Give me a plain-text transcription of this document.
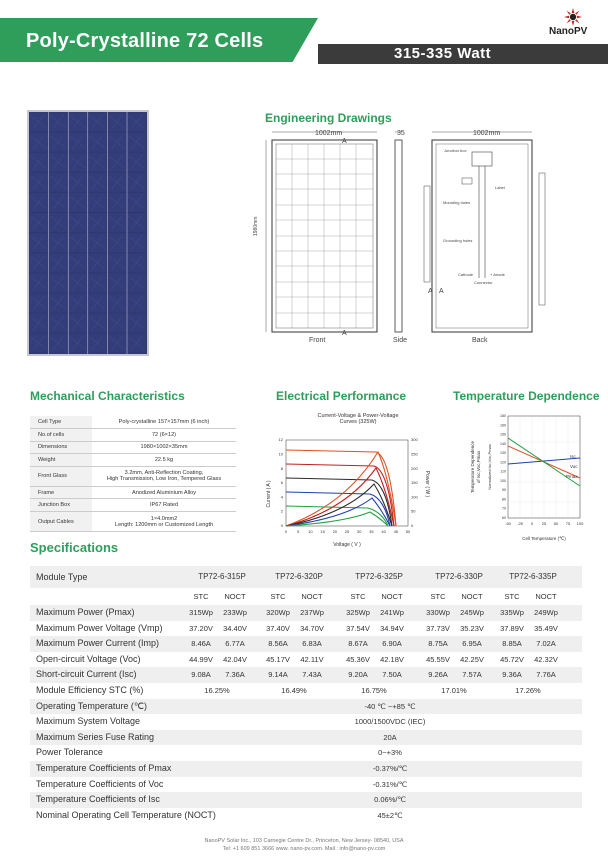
Poly-Crystalline 72 Cells
315-335 Watt
NanoPV
Engineering Drawings
1002mm
A
A
35	1002mm
1980mm
Junction box
Label
Mounting holes
Grounding holes
Cathode	+ Anode
Connector
A A
Front	Side	Back
Mechanical Characteristics	Electrical Performance	Temperature Dependence
Cell Type	Poly-crystalline 157×157mm (6 inch)
No.of cells	72 (6×12)
Dimensions	1980×1002×35mm
Weight	22.5 kg
Front Glass	3.2mm, Anti-Reflection Coating,
High Transmission, Low Iron, Tempered Glass

Frame	Anodized Aluminium Alloy
Junction Box	IP67 Rated
Output Cables	1×4.0mm2
Length: 1200mm or Customized Length
Current-Voltage & Power-Voltage
Curves (325W)
Current ( A )	Power ( W )
Voltage ( V )
0 5 10 15 20 25 30 35 40 45 50
0
2
4
6
8
10
12
0
50
100
150
200
250
300
Isc
Voc
Pmax
Temperature Dependence of Isc,Voc,Pmax Normalized Isc,Voc,Pmax
Cell Temperature (℃)
-50 -25 0 25 50 75 100
60
70
80
90
100
110
120
130
140
150
160
180
Specifications
Module Type	TP72-6-315P	TP72-6-320P	TP72-6-325P	TP72-6-330P	TP72-6-335P
STC	NOCT	STC	NOCT	STC	NOCT	STC	NOCT	STC	NOCT
Maximum Power (Pmax)	315Wp	233Wp	320Wp	237Wp	325Wp	241Wp	330Wp	245Wp	335Wp	249Wp
Maximum Power Voltage (Vmp)	37.20V	34.40V	37.40V	34.70V	37.54V	34.94V	37.73V	35.23V	37.89V	35.49V
Maximum Power Current (Imp)	8.46A	6.77A	8.56A	6.83A	8.67A	6.90A	8.75A	6.95A	8.85A	7.02A
Open-circuit Voltage (Voc)	44.99V	42.04V	45.17V	42.11V	45.36V	42.18V	45.55V	42.25V	45.72V	42.32V
Short-circuit Current (Isc)	9.08A	7.36A	9.14A	7.43A	9.20A	7.50A	9.26A	7.57A	9.36A	7.76A
Module Efficiency STC (%)	16.25%	16.49%	16.75%	17.01%	17.26%
Operating Temperature (℃)	-40 ℃ ~+85 ℃
Maximum System Voltage	1000/1500VDC (IEC)
Maximum Series Fuse Rating	20A
Power Tolerance	0~+3%
Temperature Coefficients of Pmax	-0.37%/℃
Temperature Coefficients of Voc	-0.31%/℃
Temperature Coefficients of Isc	0.06%/℃
Nominal Operating Cell Temperature (NOCT)	45±2℃
NanoPV Solar Inc., 103 Carnegie Centre Dr., Princeton, New Jersey- 08540, USA
Tel: +1 609 851 3666 www. nano-pv.com. Mail : info@nano-pv.com
